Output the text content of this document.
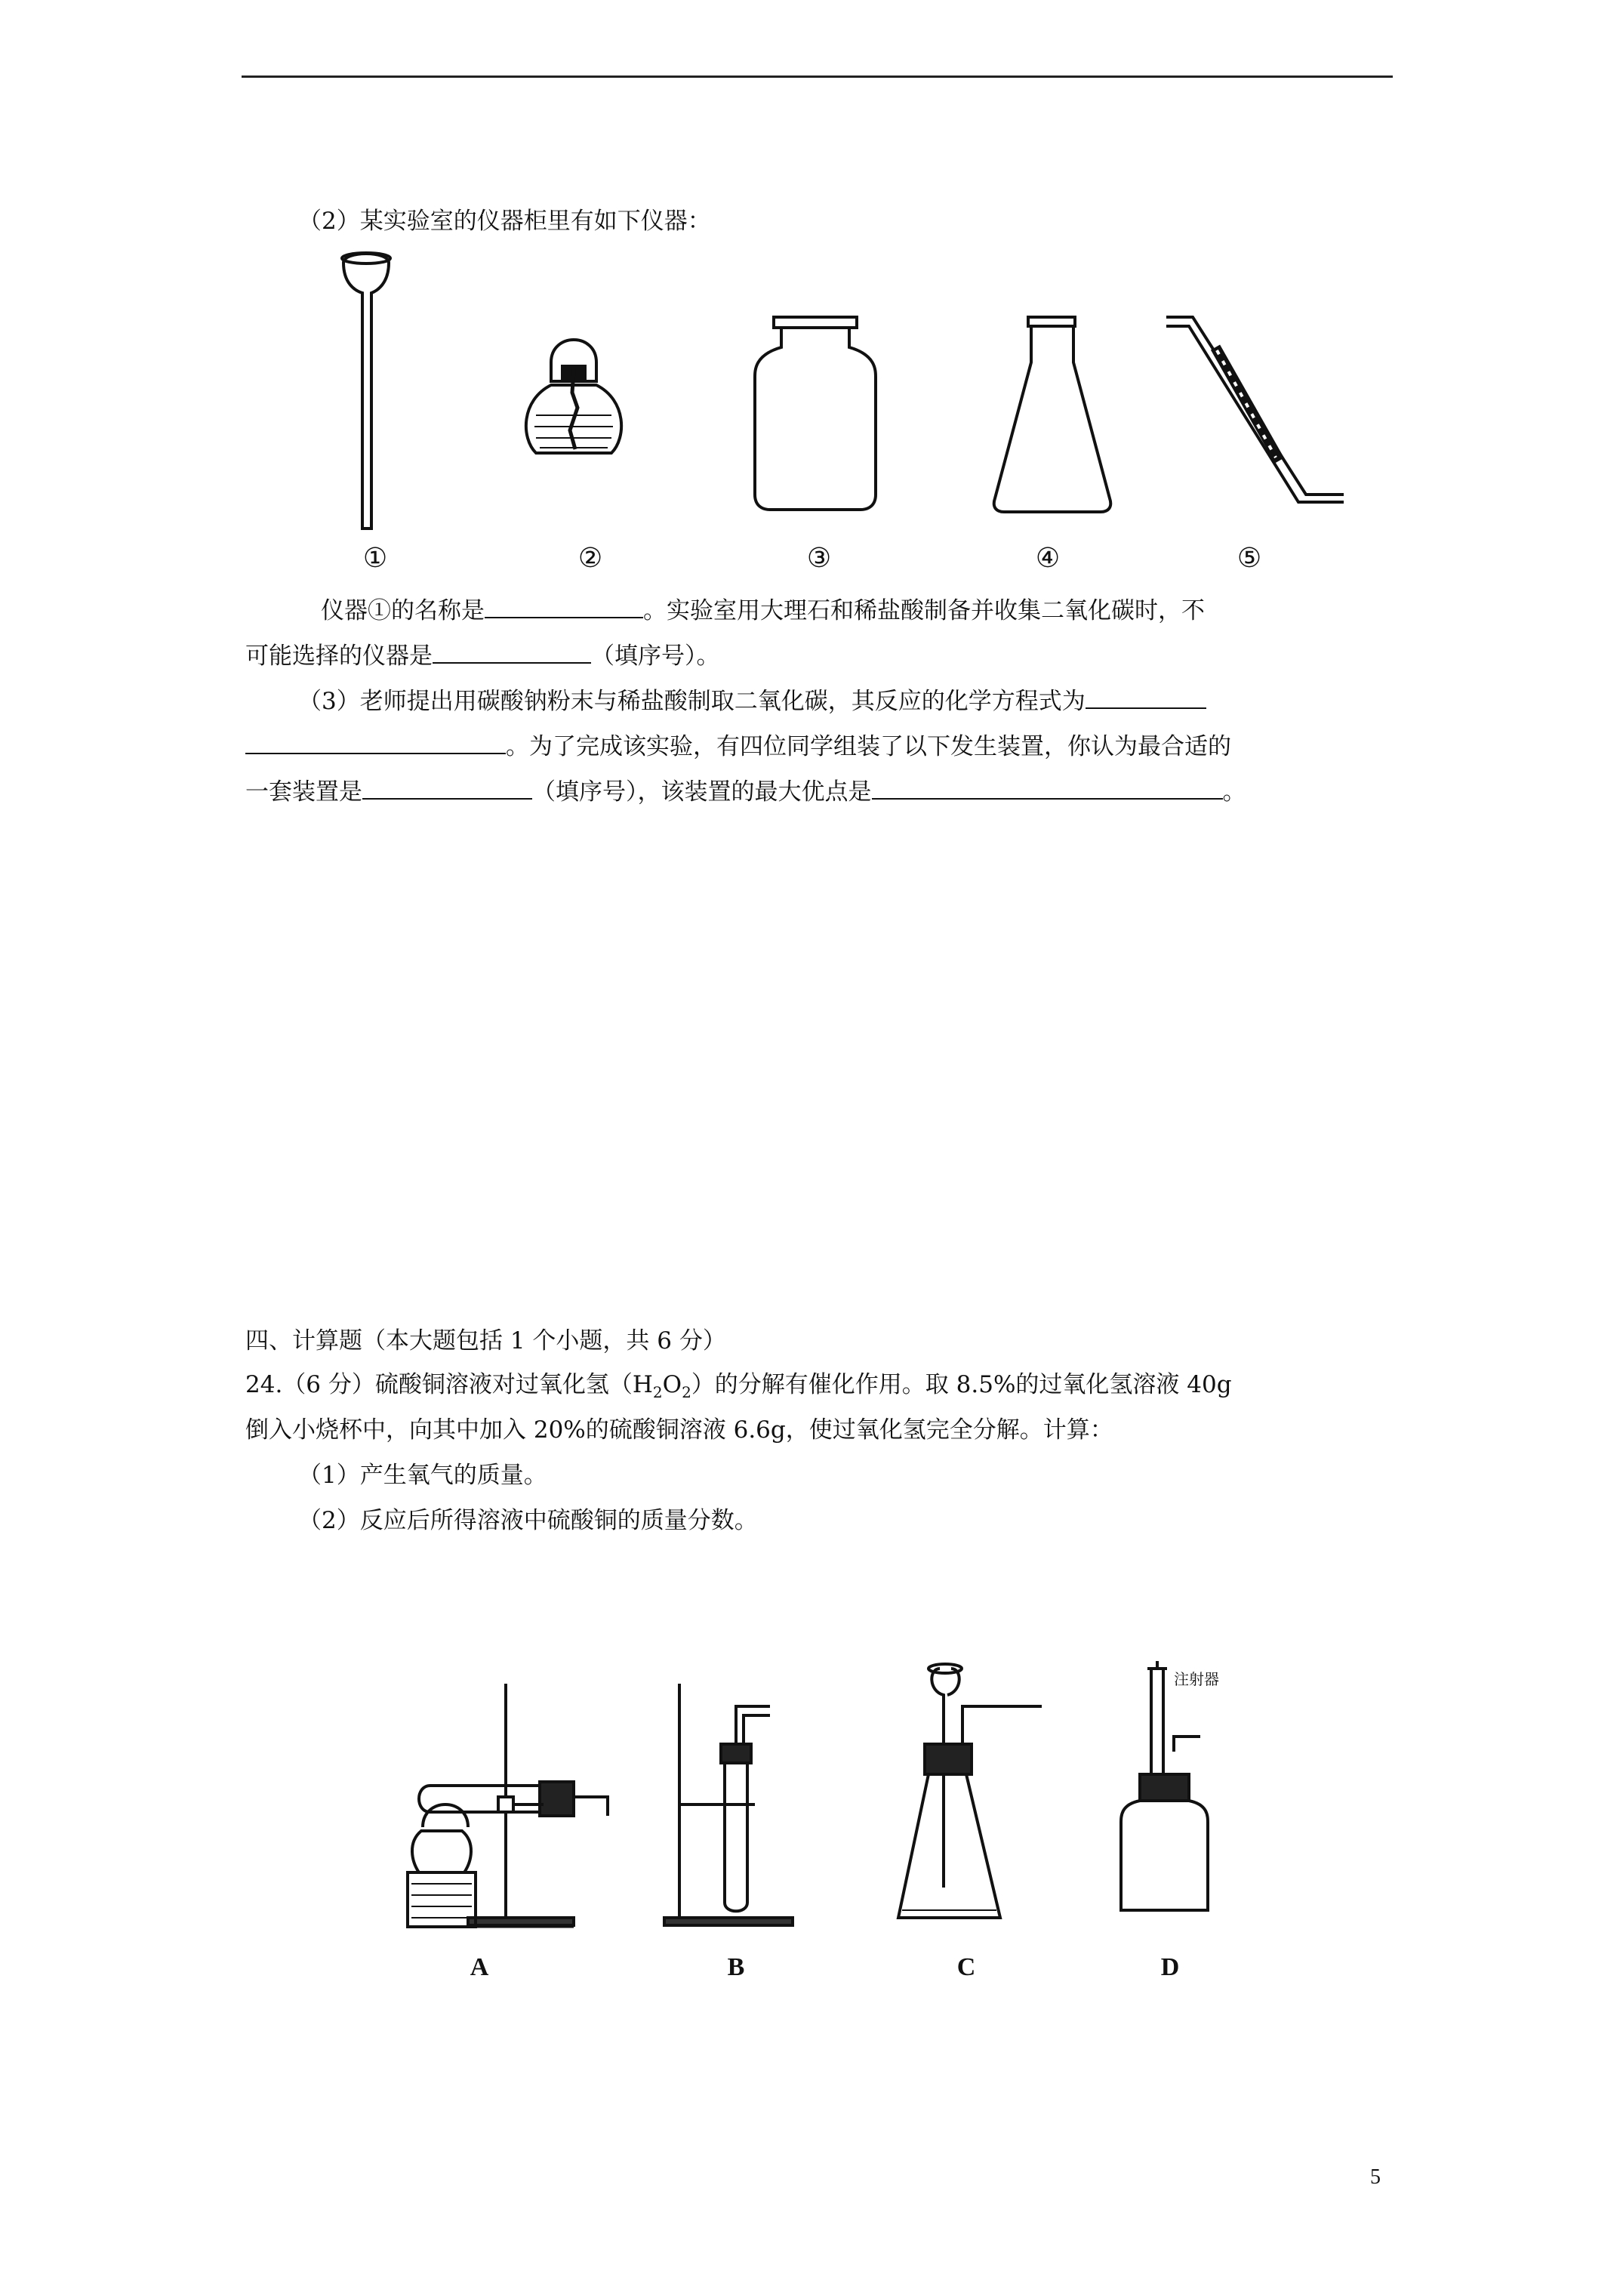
（2）某实验室的仪器柜里有如下仪器：
①	②	③	④	⑤
仪器①的名称是	。实验室用大理石和稀盐酸制备并收集二氧化碳时，不
可能选择的仪器是	（填序号）。
（3）老师提出用碳酸钠粉末与稀盐酸制取二氧化碳，其反应的化学方程式为
。为了完成该实验，有四位同学组装了以下发生装置，你认为最合适的
一套装置是	（填序号），该装置的最大优点是	。
四、计算题（本大题包括 1 个小题，共 6 分）
24.（6 分）硫酸铜溶液对过氧化氢$(H_2O_2)$的分解有催化作用。取 8.5%的过氧化氢溶液 40g
倒入小烧杯中，向其中加入 20%的硫酸铜溶液 6.6g，使过氧化氢完全分解。计算：
（1）产生氧气的质量。
（2）反应后所得溶液中硫酸铜的质量分数。
注射器
A	B	C	D
5
